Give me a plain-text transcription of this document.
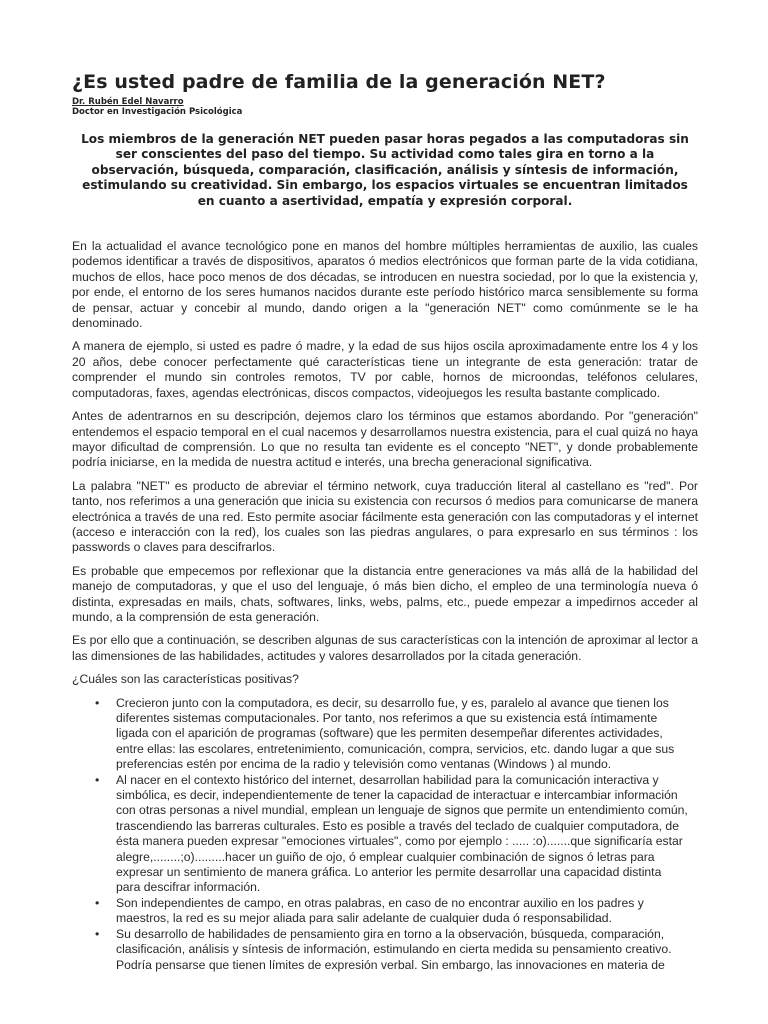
¿Es usted padre de familia de la generación NET?
Dr. Rubén Edel Navarro
Doctor en Investigación Psicológica

Los miembros de la generación NET pueden pasar horas pegados a las computadoras sin ser conscientes del paso del tiempo. Su actividad como tales gira en torno a la observación, búsqueda, comparación, clasificación, análisis y síntesis de información, estimulando su creatividad. Sin embargo, los espacios virtuales se encuentran limitados en cuanto a asertividad, empatía y expresión corporal.

En la actualidad el avance tecnológico pone en manos del hombre múltiples herramientas de auxilio, las cuales podemos identificar a través de dispositivos, aparatos ó medios electrónicos que forman parte de la vida cotidiana, muchos de ellos, hace poco menos de dos décadas, se introducen en nuestra sociedad, por lo que la existencia y, por ende, el entorno de los seres humanos nacidos durante este período histórico marca sensiblemente su forma de pensar, actuar y concebir al mundo, dando origen a la "generación NET" como comúnmente se le ha denominado.

A manera de ejemplo, si usted es padre ó madre, y la edad de sus hijos oscila aproximadamente entre los 4 y los 20 años, debe conocer perfectamente qué características tiene un integrante de esta generación: tratar de comprender el mundo sin controles remotos, TV por cable, hornos de microondas, teléfonos celulares, computadoras, faxes, agendas electrónicas, discos compactos, videojuegos les resulta bastante complicado.

Antes de adentrarnos en su descripción, dejemos claro los términos que estamos abordando. Por "generación" entendemos el espacio temporal en el cual nacemos y desarrollamos nuestra existencia, para el cual quizá no haya mayor dificultad de comprensión. Lo que no resulta tan evidente es el concepto "NET", y donde probablemente podría iniciarse, en la medida de nuestra actitud e interés, una brecha generacional significativa.

La palabra "NET" es producto de abreviar el término network, cuya traducción literal al castellano es "red". Por tanto, nos referimos a una generación que inicia su existencia con recursos ó medios para comunicarse de manera electrónica a través de una red. Esto permite asociar fácilmente esta generación con las computadoras y el internet (acceso e interacción con la red), los cuales son las piedras angulares, o para expresarlo en sus términos : los passwords o claves para descifrarlos.

Es probable que empecemos por reflexionar que la distancia entre generaciones va más allá de la habilidad del manejo de computadoras, y que el uso del lenguaje, ó más bien dicho, el empleo de una terminología nueva ó distinta, expresadas en mails, chats, softwares, links, webs, palms, etc., puede empezar a impedirnos acceder al mundo, a la comprensión de esta generación.

Es por ello que a continuación, se describen algunas de sus características con la intención de aproximar al lector a las dimensiones de las habilidades, actitudes y valores desarrollados por la citada generación.

¿Cuáles son las características positivas?

• Crecieron junto con la computadora, es decir, su desarrollo fue, y es, paralelo al avance que tienen los diferentes sistemas computacionales. Por tanto, nos referimos a que su existencia está íntimamente ligada con el aparición de programas (software) que les permiten desempeñar diferentes actividades, entre ellas: las escolares, entretenimiento, comunicación, compra, servicios, etc. dando lugar a que sus preferencias estén por encima de la radio y televisión como ventanas (Windows ) al mundo.
• Al nacer en el contexto histórico del internet, desarrollan habilidad para la comunicación interactiva y simbólica, es decir, independientemente de tener la capacidad de interactuar e intercambiar información con otras personas a nivel mundial, emplean un lenguaje de signos que permite un entendimiento común, trascendiendo las barreras culturales. Esto es posible a través del teclado de cualquier computadora, de ésta manera pueden expresar "emociones virtuales", como por ejemplo : ..... :o).......que significaría estar alegre,........;o).........hacer un guiño de ojo, ó emplear cualquier combinación de signos ó letras para expresar un sentimiento de manera gráfica. Lo anterior les permite desarrollar una capacidad distinta para descifrar información.
• Son independientes de campo, en otras palabras, en caso de no encontrar auxilio en los padres y maestros, la red es su mejor aliada para salir adelante de cualquier duda ó responsabilidad.
• Su desarrollo de habilidades de pensamiento gira en torno a la observación, búsqueda, comparación, clasificación, análisis y síntesis de información, estimulando en cierta medida su pensamiento creativo. Podría pensarse que tienen límites de expresión verbal. Sin embargo, las innovaciones en materia de
